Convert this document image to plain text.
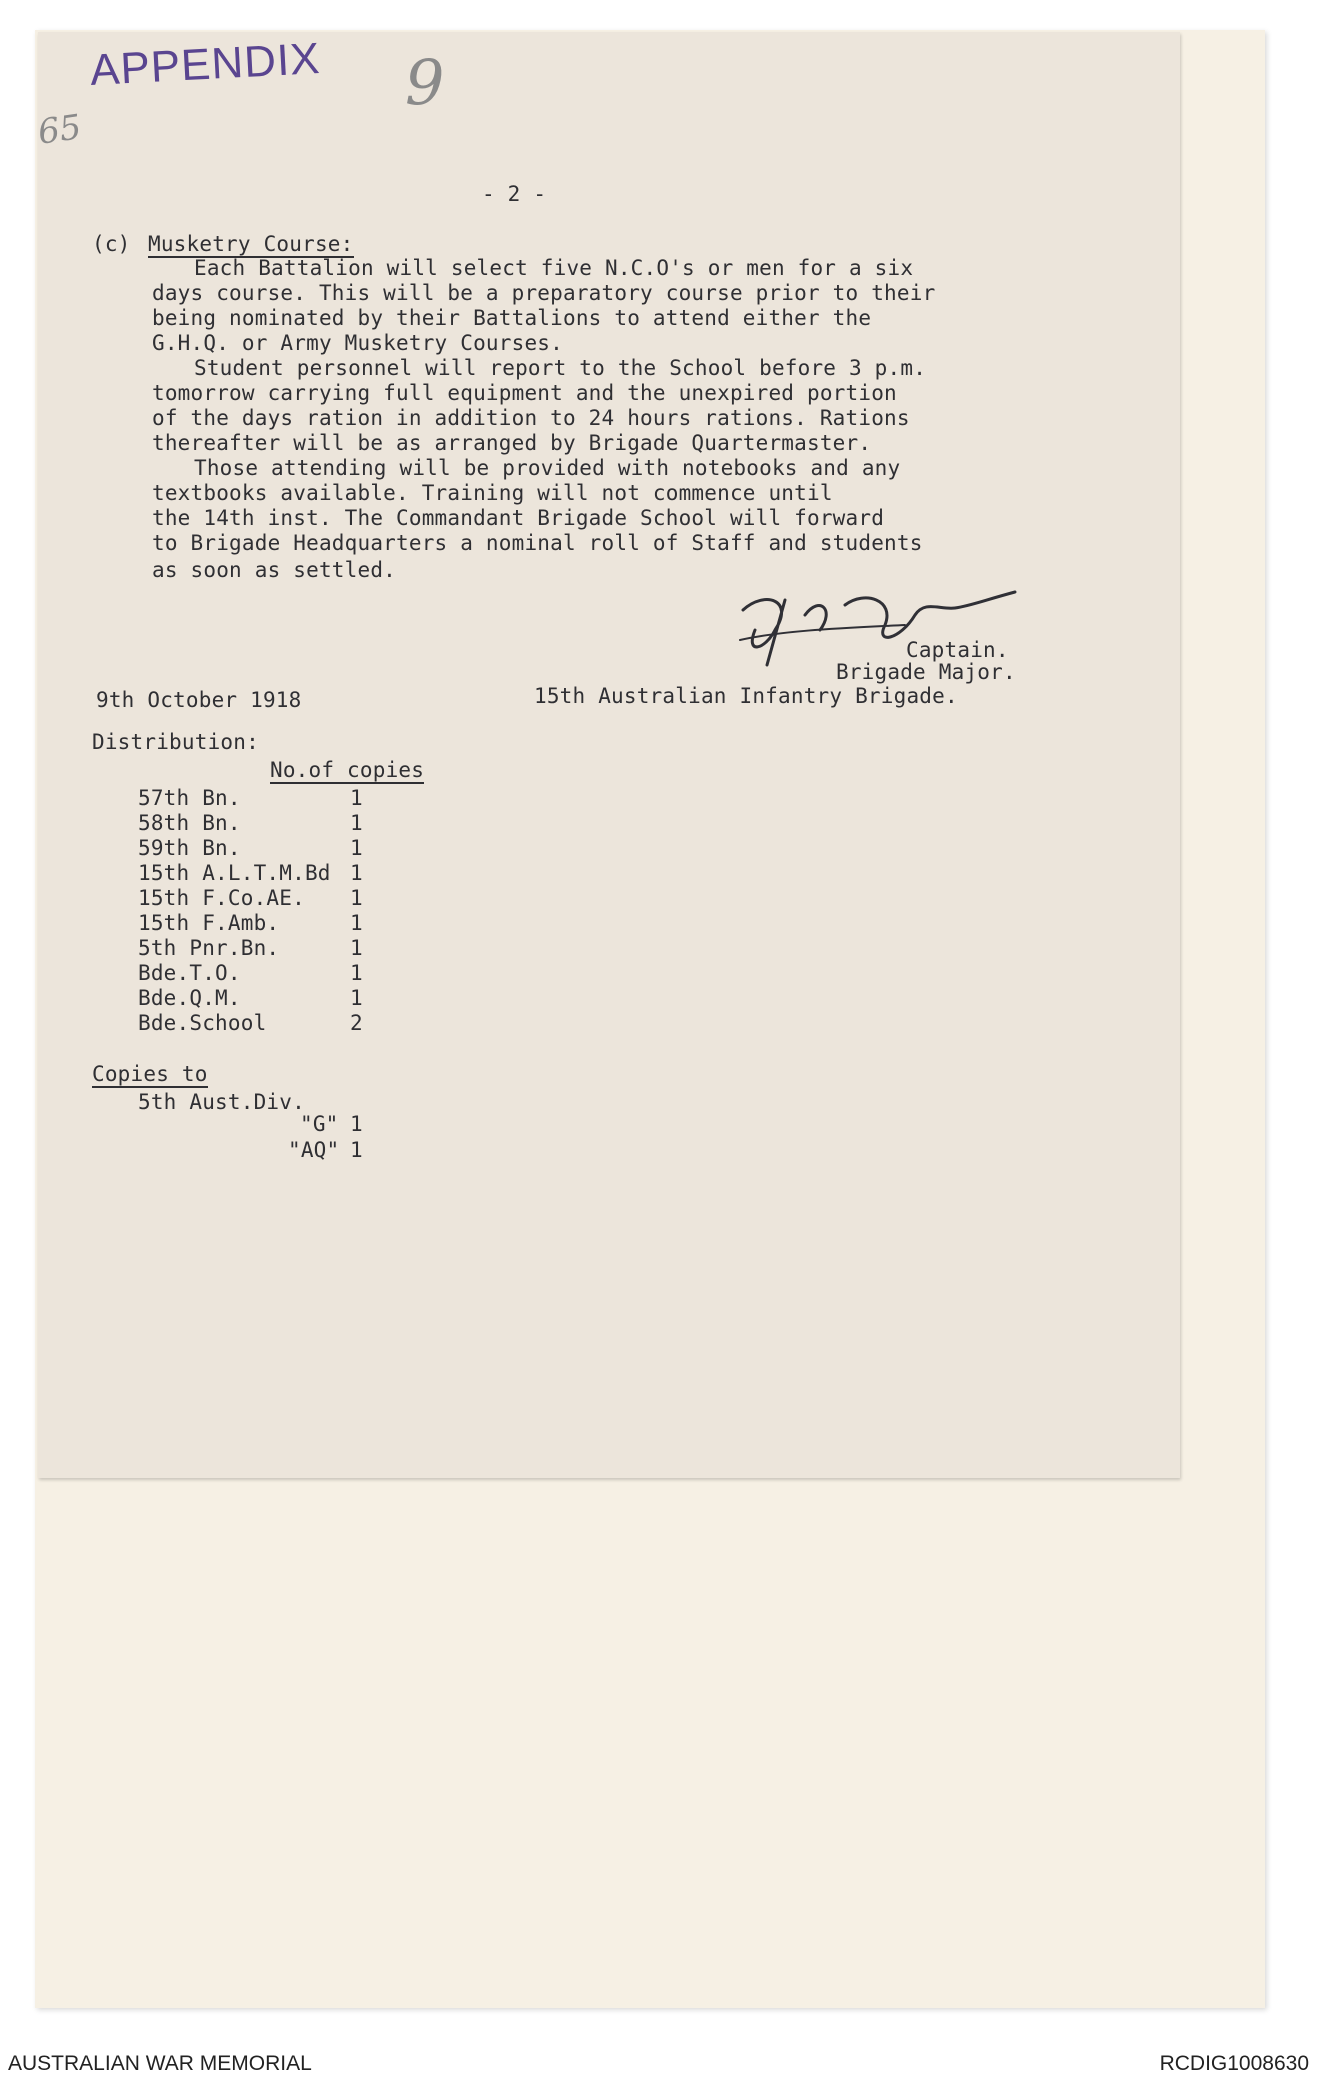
APPENDIX 9
65
- 2 -
(c) Musketry Course:
Each Battalion will select five N.C.O's or men for a six
days course. This will be a preparatory course prior to their
being nominated by their Battalions to attend either the
G.H.Q. or Army Musketry Courses.
Student personnel will report to the School before 3 p.m.
tomorrow carrying full equipment and the unexpired portion
of the days ration in addition to 24 hours rations. Rations
thereafter will be as arranged by Brigade Quartermaster.
Those attending will be provided with notebooks and any
textbooks available. Training will not commence until
the 14th inst. The Commandant Brigade School will forward
to Brigade Headquarters a nominal roll of Staff and students
as soon as settled.
Captain.
Brigade Major.
9th October 1918	15th Australian Infantry Brigade.
Distribution:
No.of copies
57th Bn.	1
58th Bn.	1
59th Bn.	1
15th A.L.T.M.Bd 1
15th F.Co.AE. 1
15th F.Amb.	1
5th Pnr.Bn.	1
Bde.T.O.	1
Bde.Q.M.	1
Bde.School	2
Copies to
5th Aust.Div.
"G" 1
"AQ" 1
AUSTRALIAN WAR MEMORIAL	RCDIG1008630
